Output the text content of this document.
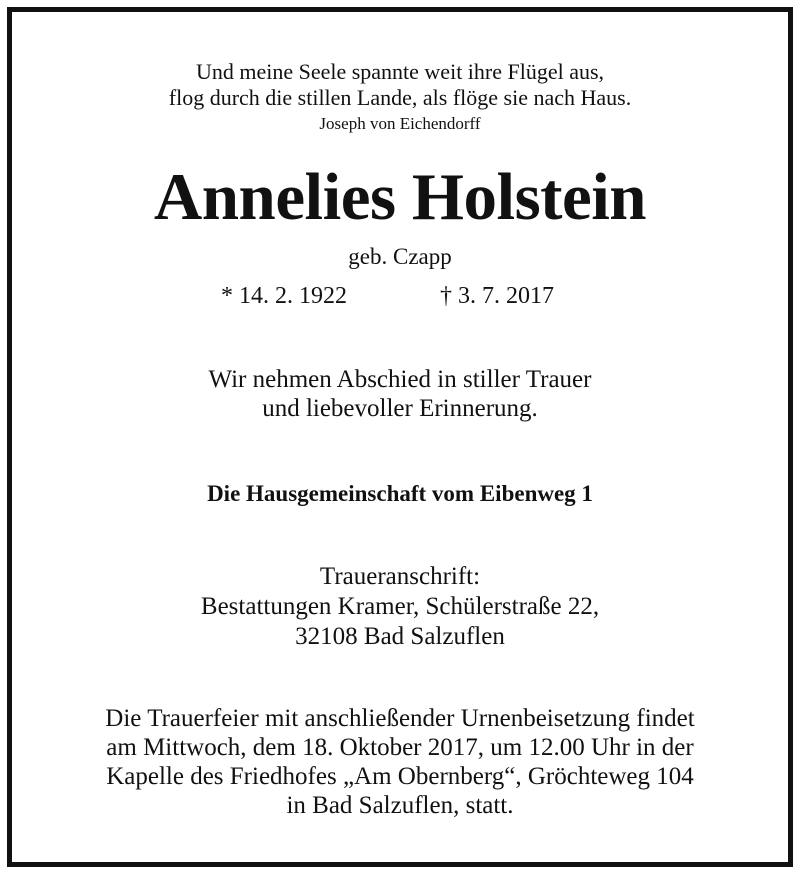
Und meine Seele spannte weit ihre Flügel aus,
flog durch die stillen Lande, als flöge sie nach Haus.
Joseph von Eichendorff
Annelies Holstein
geb. Czapp
* 14. 2. 1922	† 3. 7. 2017
Wir nehmen Abschied in stiller Trauer
und liebevoller Erinnerung.
Die Hausgemeinschaft vom Eibenweg 1
Traueranschrift:
Bestattungen Kramer, Schülerstraße 22,
32108 Bad Salzuflen
Die Trauerfeier mit anschließender Urnenbeisetzung findet
am Mittwoch, dem 18. Oktober 2017, um 12.00 Uhr in der
Kapelle des Friedhofes „Am Obernberg“, Gröchteweg 104
in Bad Salzuflen, statt.
